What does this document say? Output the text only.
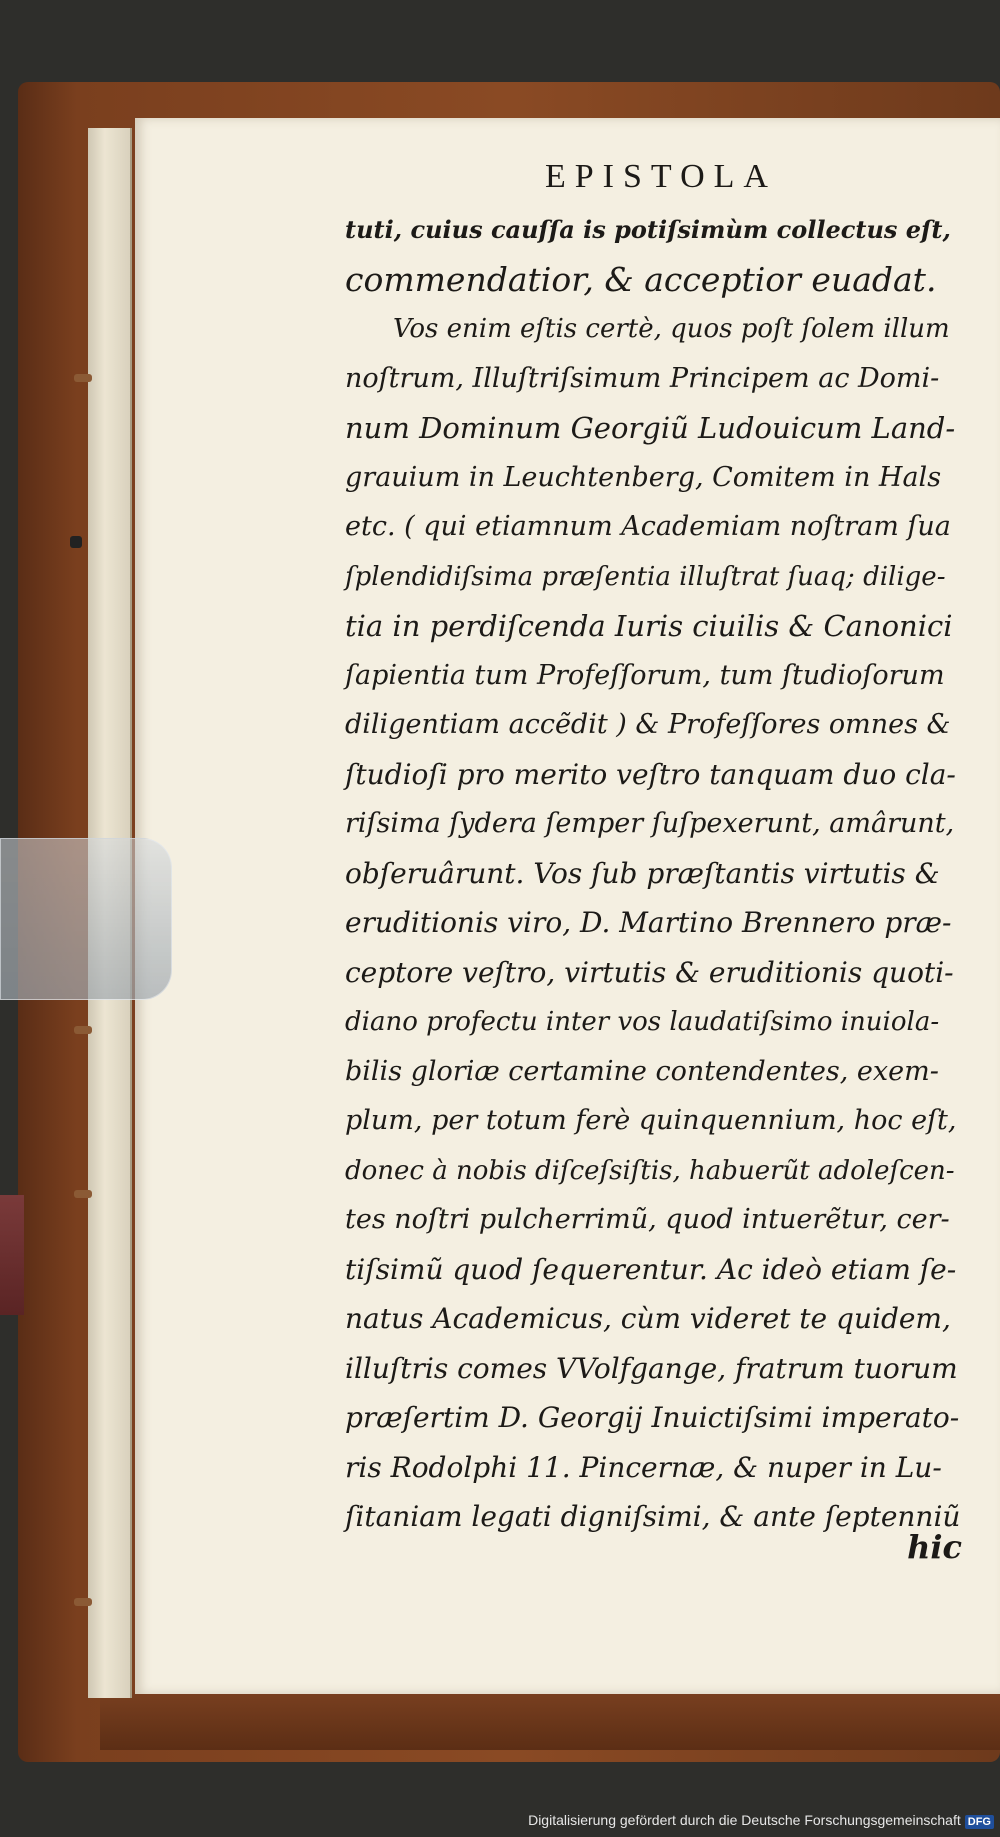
EPISTOLA
tuti, cuius cauſſa is potiſsimùm collectus eſt,
commendatior, & acceptior euadat.
Vos enim eſtis certè, quos poſt ſolem illum
noſtrum, Illuſtriſsimum Principem ac Domi-
num Dominum Georgiũ Ludouicum Land-
grauium in Leuchtenberg, Comitem in Hals
etc. ( qui etiamnum Academiam noſtram ſua
ſplendidiſsima præſentia illuſtrat ſuaq; dilige-
tia in perdiſcenda Iuris ciuilis & Canonici
ſapientia tum Profeſſorum, tum ſtudioſorum
diligentiam accẽdit ) & Profeſſores omnes &
ſtudioſi pro merito veſtro tanquam duo cla-
riſsima ſydera ſemper ſuſpexerunt, amârunt,
obſeruârunt. Vos ſub præſtantis virtutis &
eruditionis viro, D. Martino Brennero præ-
ceptore veſtro, virtutis & eruditionis quoti-
diano profectu inter vos laudatiſsimo inuiola-
bilis gloriæ certamine contendentes, exem-
plum, per totum ferè quinquennium, hoc eſt,
donec à nobis diſceſsiſtis, habuerũt adoleſcen-
tes noſtri pulcherrimũ, quod intuerẽtur, cer-
tiſsimũ quod ſequerentur. Ac ideò etiam ſe-
natus Academicus, cùm videret te quidem,
illuſtris comes VVolfgange, fratrum tuorum
præſertim D. Georgij Inuictiſsimi imperato-
ris Rodolphi 11. Pincernæ, & nuper in Lu-
ſitaniam legati digniſsimi, & ante ſeptenniũ
hic
Digitalisierung gefördert durch die Deutsche Forschungsgemeinschaft DFG
